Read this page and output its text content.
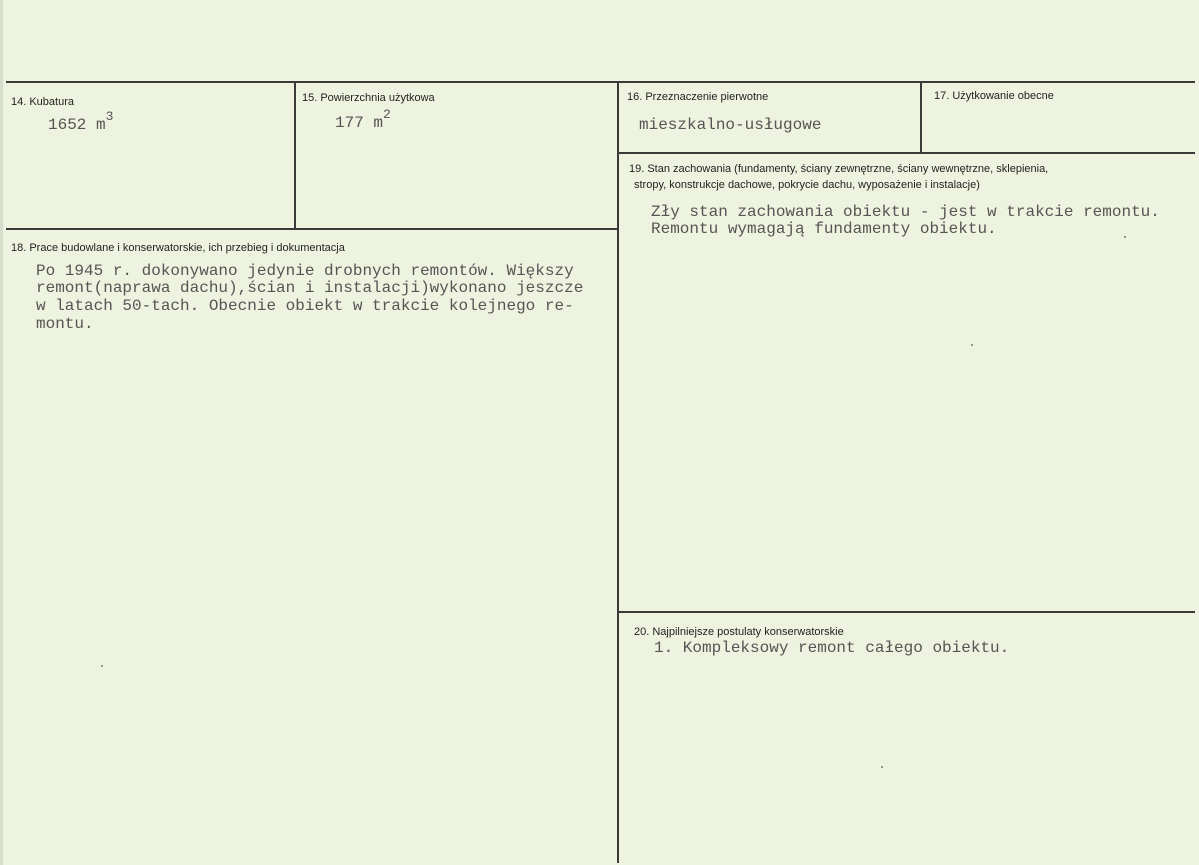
14. Kubatura
1652 $m^3$
15. Powierzchnia użytkowa
177 $m^2$
16. Przeznaczenie pierwotne
mieszkalno-usługowe
17. Użytkowanie obecne
19. Stan zachowania (fundamenty, ściany zewnętrzne, ściany wewnętrzne, sklepienia,
stropy, konstrukcje dachowe, pokrycie dachu, wyposażenie i instalacje)
Zły stan zachowania obiektu - jest w trakcie remontu.
Remontu wymagają fundamenty obiektu.
18. Prace budowlane i konserwatorskie, ich przebieg i dokumentacja
Po 1945 r. dokonywano jedynie drobnych remontów. Większy
remont(naprawa dachu),ścian i instalacji)wykonano jeszcze
w latach 50-tach. Obecnie obiekt w trakcie kolejnego re-
montu.
20. Najpilniejsze postulaty konserwatorskie
1. Kompleksowy remont całego obiektu.
